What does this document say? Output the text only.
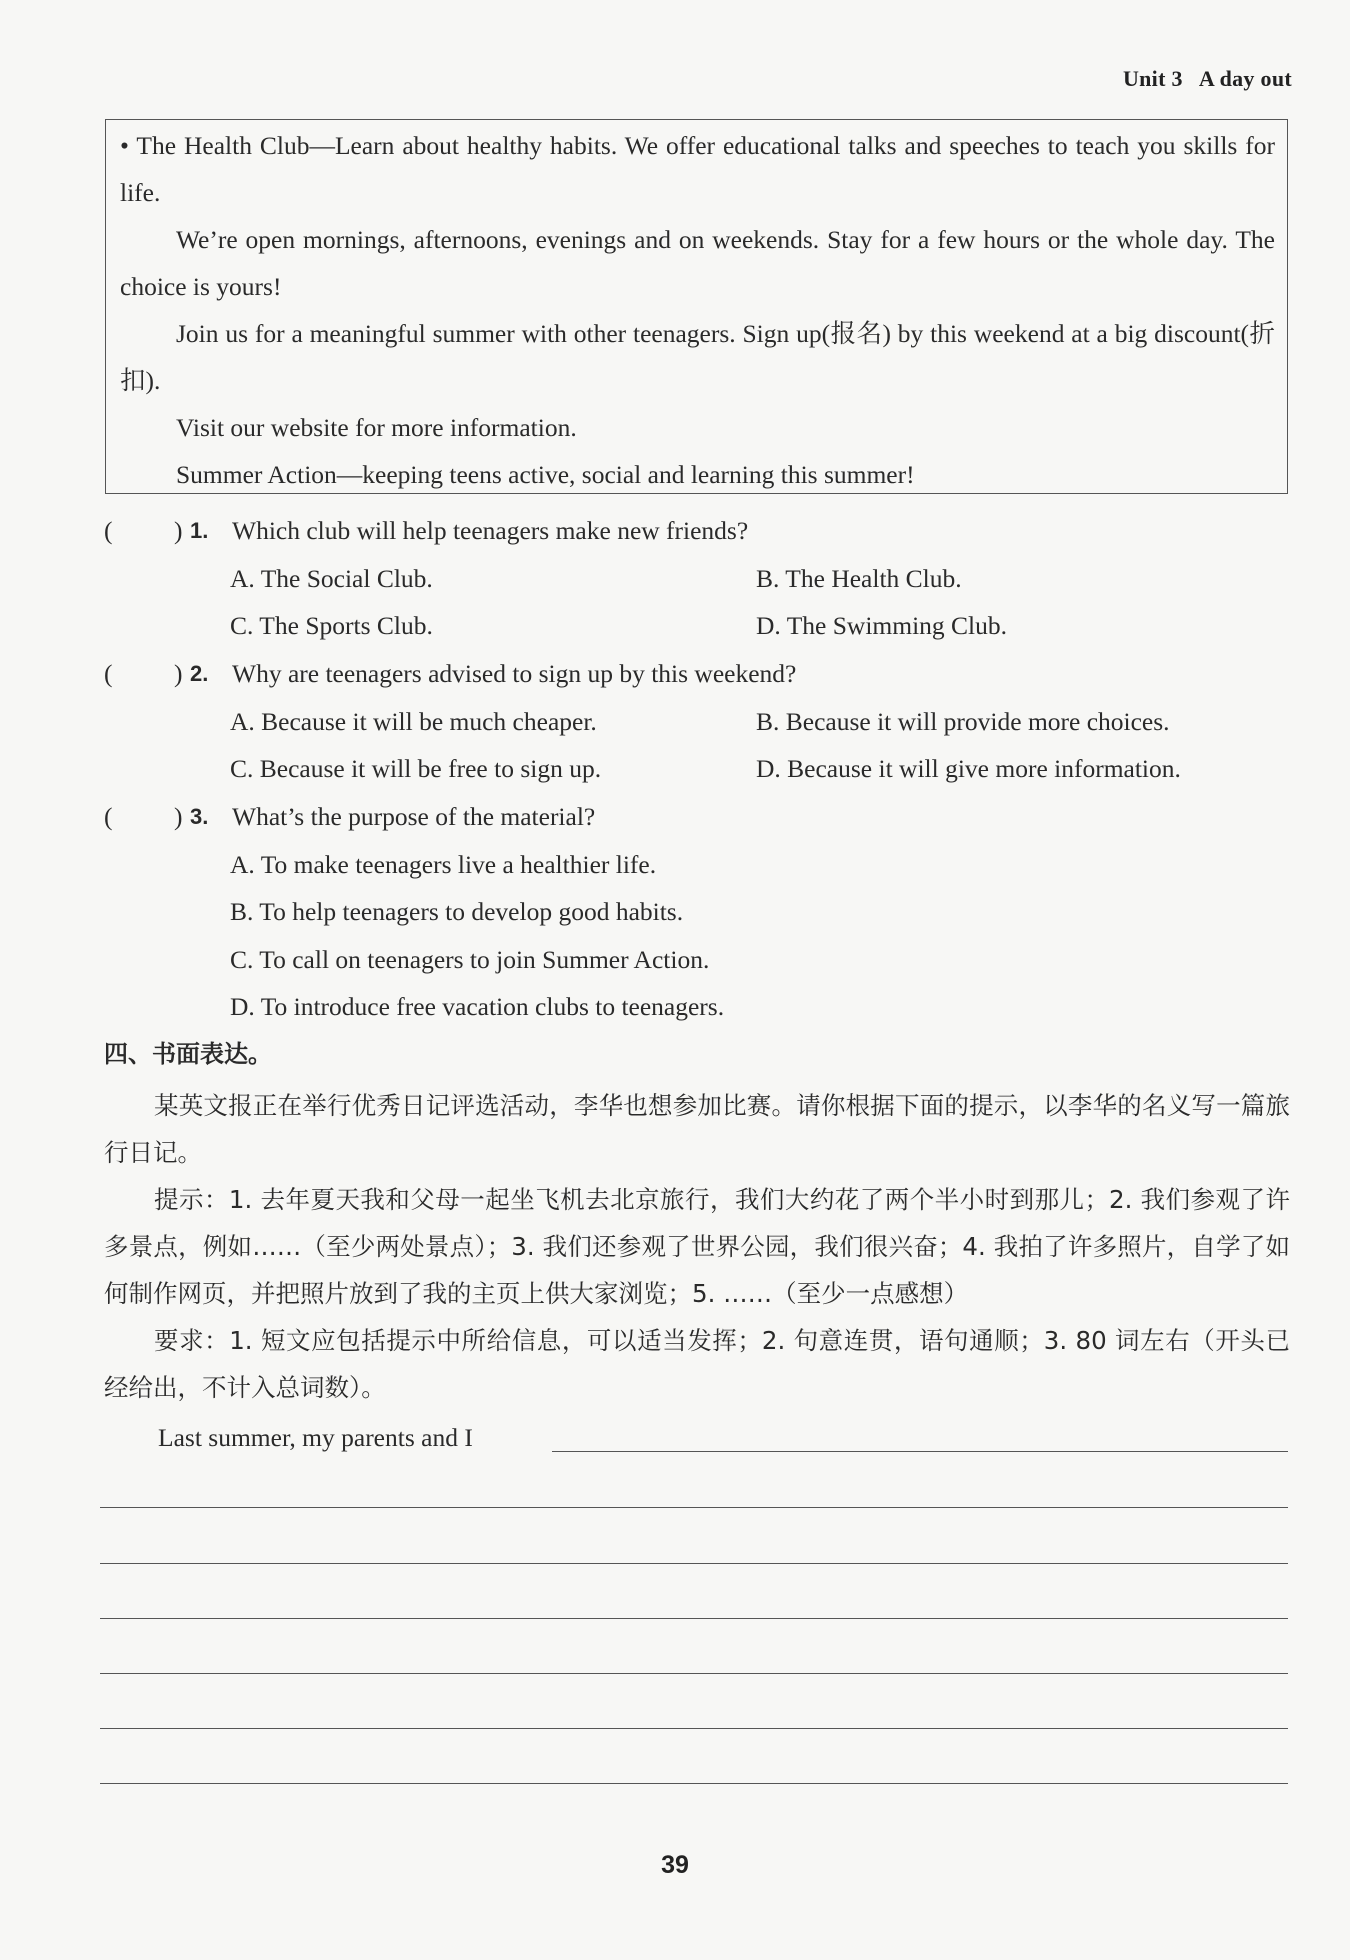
Unit 3 A day out

• The Health Club—Learn about healthy habits. We offer educational talks and speeches to teach you skills for life.

We’re open mornings, afternoons, evenings and on weekends. Stay for a few hours or the whole day. The choice is yours!

Join us for a meaningful summer with other teenagers. Sign up(报名) by this weekend at a big discount(折扣).

Visit our website for more information.

Summer Action—keeping teens active, social and learning this summer!

( ) 1. Which club will help teenagers make new friends?
A. The Social Club.	B. The Health Club.
C. The Sports Club.	D. The Swimming Club.
( ) 2. Why are teenagers advised to sign up by this weekend?
A. Because it will be much cheaper.	B. Because it will provide more choices.
C. Because it will be free to sign up.	D. Because it will give more information.
( ) 3. What’s the purpose of the material?
A. To make teenagers live a healthier life.
B. To help teenagers to develop good habits.
C. To call on teenagers to join Summer Action.
D. To introduce free vacation clubs to teenagers.
四、书面表达。

某英文报正在举行优秀日记评选活动，李华也想参加比赛。请你根据下面的提示，以李华的名义写一篇旅行日记。

提示：1. 去年夏天我和父母一起坐飞机去北京旅行，我们大约花了两个半小时到那儿；2. 我们参观了许多景点，例如……（至少两处景点）；3. 我们还参观了世界公园，我们很兴奋；4. 我拍了许多照片，自学了如何制作网页，并把照片放到了我的主页上供大家浏览；5. ……（至少一点感想）

要求：1. 短文应包括提示中所给信息，可以适当发挥；2. 句意连贯，语句通顺；3. 80 词左右（开头已经给出，不计入总词数）。

Last summer, my parents and I
39
